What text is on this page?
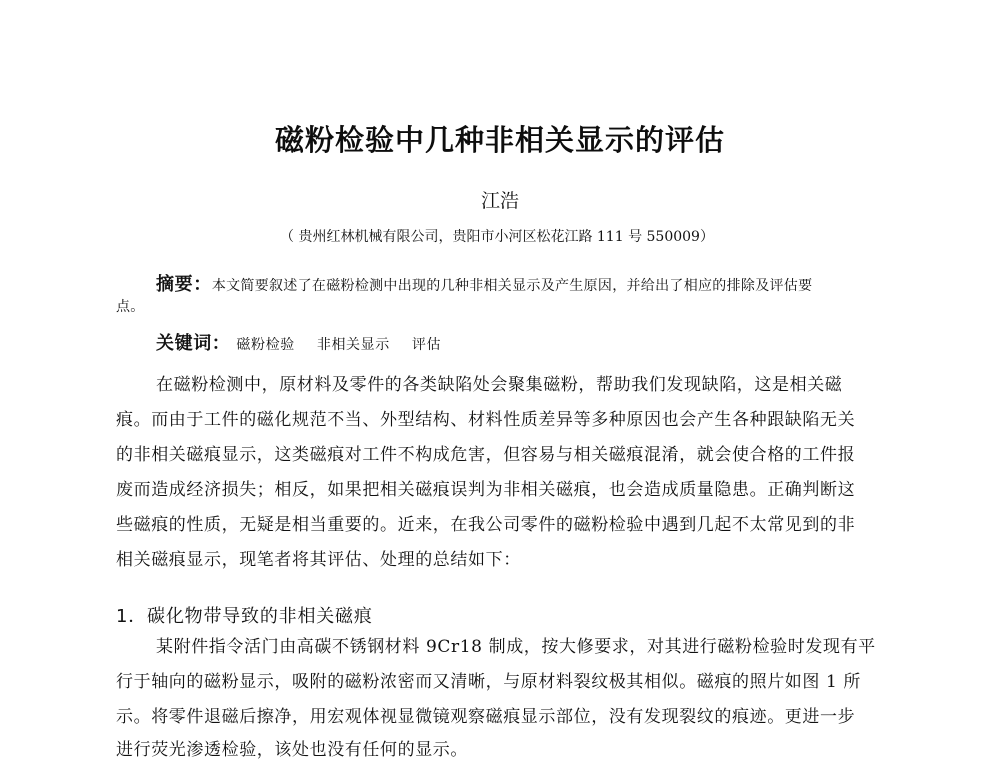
磁粉检验中几种非相关显示的评估
江浩
（ 贵州红林机械有限公司，贵阳市小河区松花江路 111 号 550009）
摘要：本文简要叙述了在磁粉检测中出现的几种非相关显示及产生原因，并给出了相应的排除及评估要
点。
关键词： 磁粉检验 非相关显示 评估
在磁粉检测中，原材料及零件的各类缺陷处会聚集磁粉，帮助我们发现缺陷，这是相关磁
痕。而由于工件的磁化规范不当、外型结构、材料性质差异等多种原因也会产生各种跟缺陷无关
的非相关磁痕显示，这类磁痕对工件不构成危害，但容易与相关磁痕混淆，就会使合格的工件报
废而造成经济损失；相反，如果把相关磁痕误判为非相关磁痕，也会造成质量隐患。正确判断这
些磁痕的性质，无疑是相当重要的。近来，在我公司零件的磁粉检验中遇到几起不太常见到的非
相关磁痕显示，现笔者将其评估、处理的总结如下：
1．碳化物带导致的非相关磁痕
某附件指令活门由高碳不锈钢材料 9Cr18 制成，按大修要求，对其进行磁粉检验时发现有平
行于轴向的磁粉显示，吸附的磁粉浓密而又清晰，与原材料裂纹极其相似。磁痕的照片如图 1 所
示。将零件退磁后擦净，用宏观体视显微镜观察磁痕显示部位，没有发现裂纹的痕迹。更进一步
进行荧光渗透检验，该处也没有任何的显示。
